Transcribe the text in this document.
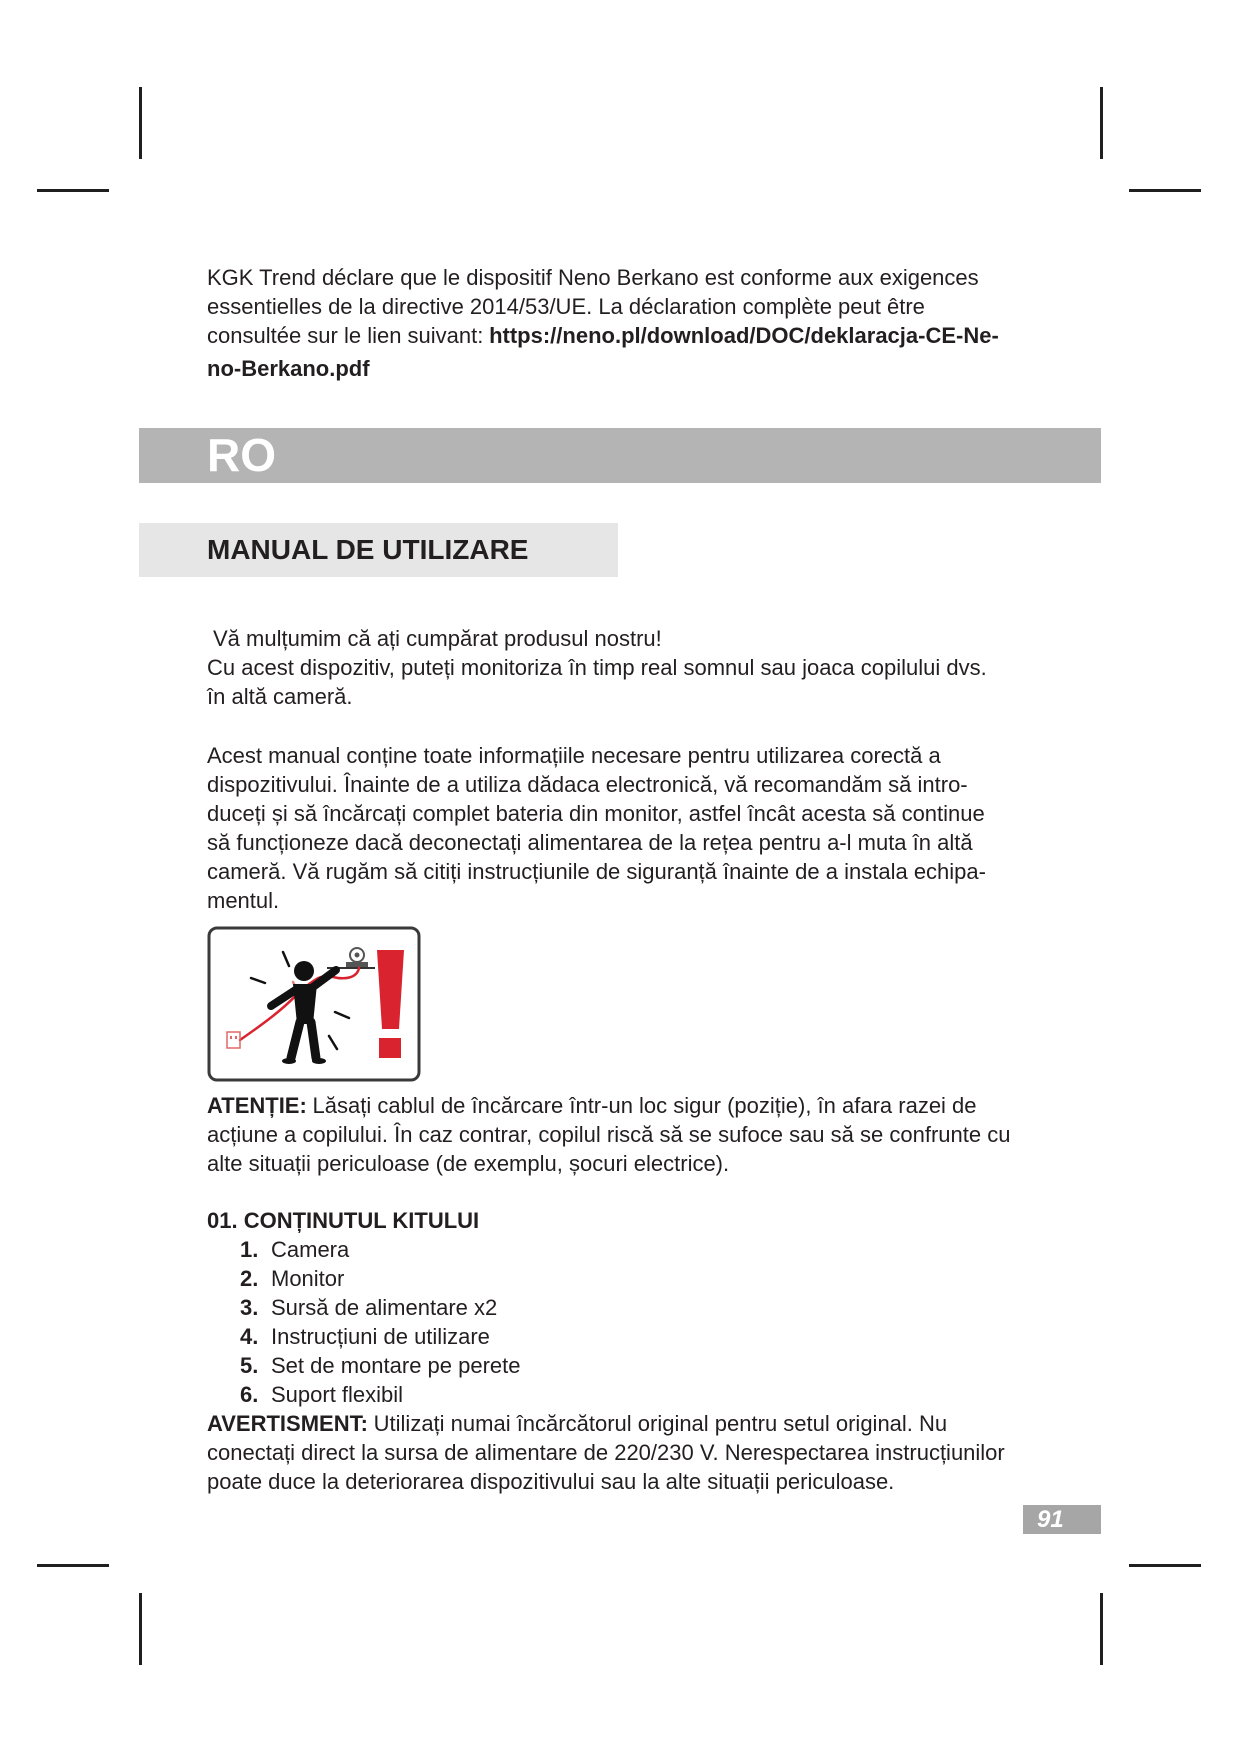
KGK Trend déclare que le dispositif Neno Berkano est conforme aux exigences
essentielles de la directive 2014/53/UE. La déclaration complète peut être
consultée sur le lien suivant: https://neno.pl/download/DOC/deklaracja-CE-Ne-
no-Berkano.pdf
RO
MANUAL DE UTILIZARE
Vă mulțumim că ați cumpărat produsul nostru!
Cu acest dispozitiv, puteți monitoriza în timp real somnul sau joaca copilului dvs.
în altă cameră.
Acest manual conține toate informațiile necesare pentru utilizarea corectă a
dispozitivului. Înainte de a utiliza dădaca electronică, vă recomandăm să intro-
duceți și să încărcați complet bateria din monitor, astfel încât acesta să continue
să funcționeze dacă deconectați alimentarea de la rețea pentru a-l muta în altă
cameră. Vă rugăm să citiți instrucțiunile de siguranță înainte de a instala echipa-
mentul.
ATENȚIE: Lăsați cablul de încărcare într-un loc sigur (poziție), în afara razei de
acțiune a copilului. În caz contrar, copilul riscă să se sufoce sau să se confrunte cu
alte situații periculoase (de exemplu, șocuri electrice).
01. CONȚINUTUL KITULUI
1. Camera
2. Monitor
3. Sursă de alimentare x2
4. Instrucțiuni de utilizare
5. Set de montare pe perete
6. Suport flexibil
AVERTISMENT: Utilizați numai încărcătorul original pentru setul original. Nu
conectați direct la sursa de alimentare de 220/230 V. Nerespectarea instrucțiunilor
poate duce la deteriorarea dispozitivului sau la alte situații periculoase.
91
